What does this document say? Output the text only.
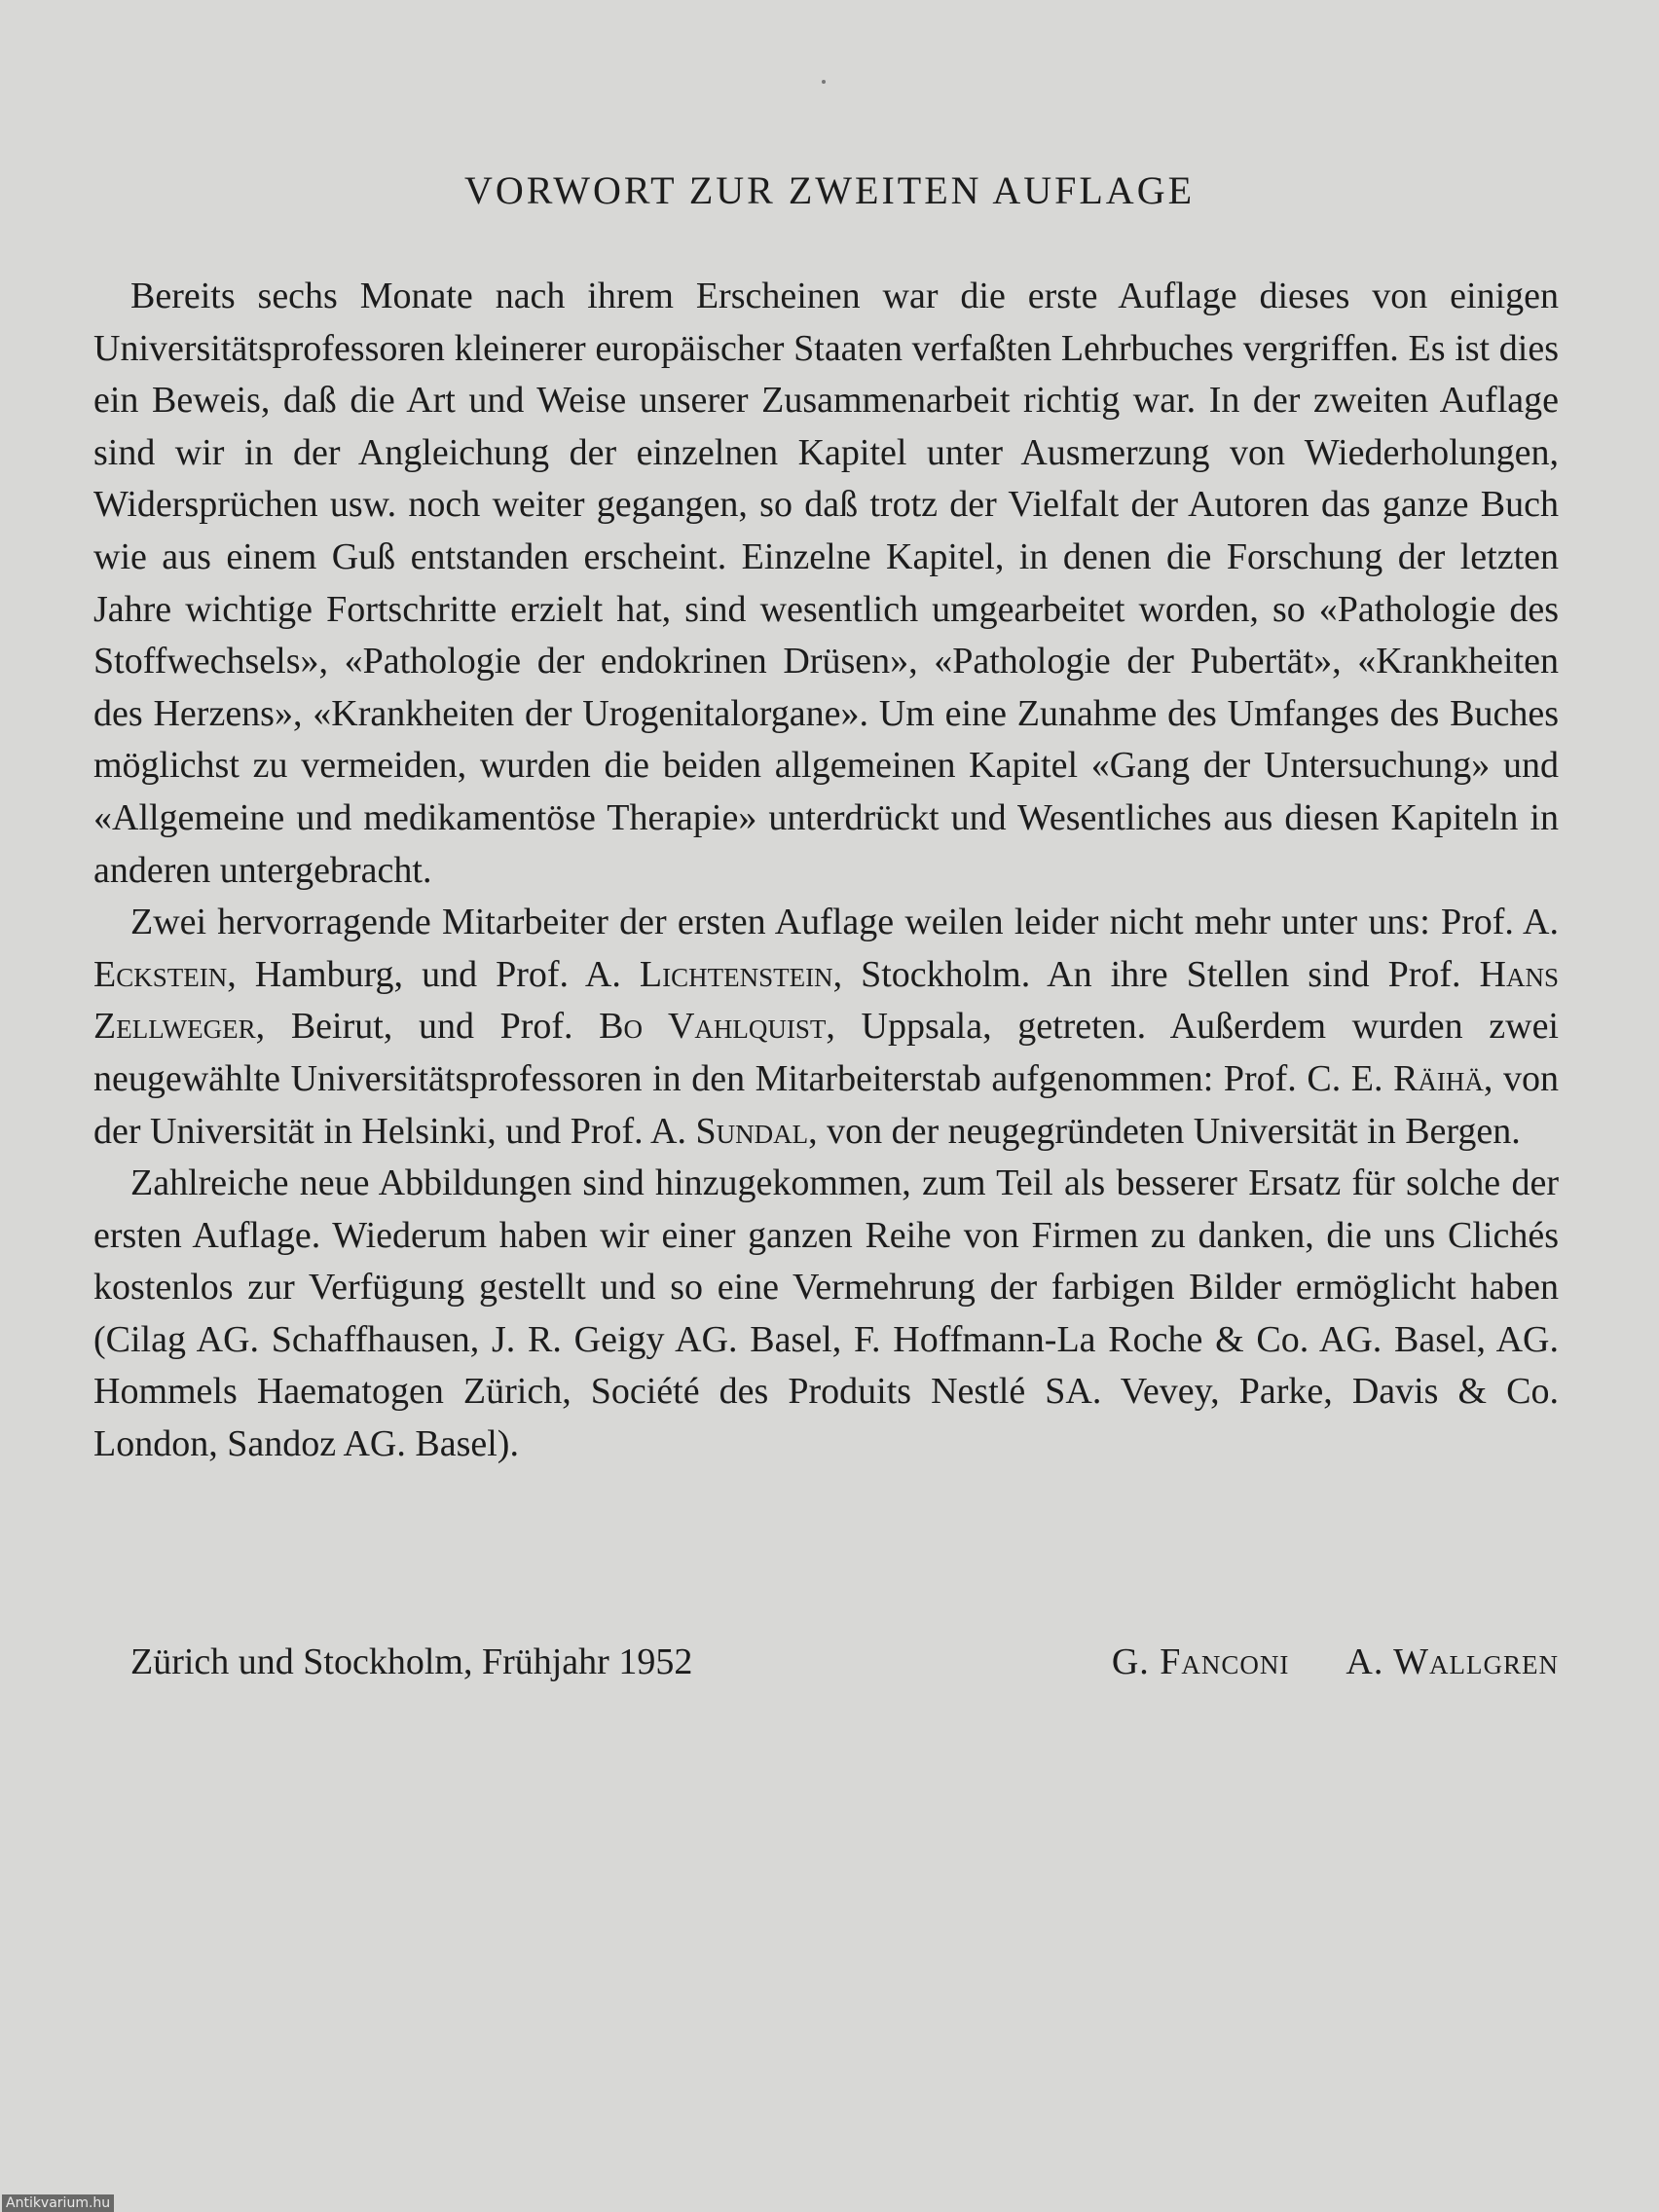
VORWORT ZUR ZWEITEN AUFLAGE

Bereits sechs Monate nach ihrem Erscheinen war die erste Auflage dieses von einigen Universitätsprofessoren kleinerer europäischer Staaten verfaßten Lehrbuches vergriffen. Es ist dies ein Beweis, daß die Art und Weise unserer Zusammenarbeit richtig war. In der zweiten Auflage sind wir in der Angleichung der einzelnen Kapitel unter Ausmerzung von Wiederholungen, Widersprüchen usw. noch weiter gegangen, so daß trotz der Vielfalt der Autoren das ganze Buch wie aus einem Guß entstanden erscheint. Einzelne Kapitel, in denen die Forschung der letzten Jahre wichtige Fortschritte erzielt hat, sind wesentlich umgearbeitet worden, so «Pathologie des Stoffwechsels», «Pathologie der endokrinen Drüsen», «Pathologie der Pubertät», «Krankheiten des Herzens», «Krankheiten der Urogenitalorgane». Um eine Zunahme des Umfanges des Buches möglichst zu vermeiden, wurden die beiden allgemeinen Kapitel «Gang der Untersuchung» und «Allgemeine und medikamentöse Therapie» unterdrückt und Wesentliches aus diesen Kapiteln in anderen untergebracht.

Zwei hervorragende Mitarbeiter der ersten Auflage weilen leider nicht mehr unter uns: Prof. A. Eckstein, Hamburg, und Prof. A. Lichtenstein, Stockholm. An ihre Stellen sind Prof. Hans Zellweger, Beirut, und Prof. Bo Vahlquist, Uppsala, getreten. Außerdem wurden zwei neugewählte Universitätsprofessoren in den Mitarbeiterstab aufgenommen: Prof. C. E. Räihä, von der Universität in Helsinki, und Prof. A. Sundal, von der neugegründeten Universität in Bergen.

Zahlreiche neue Abbildungen sind hinzugekommen, zum Teil als besserer Ersatz für solche der ersten Auflage. Wiederum haben wir einer ganzen Reihe von Firmen zu danken, die uns Clichés kostenlos zur Verfügung gestellt und so eine Vermehrung der farbigen Bilder ermöglicht haben (Cilag AG. Schaffhausen, J. R. Geigy AG. Basel, F. Hoffmann-La Roche & Co. AG. Basel, AG. Hommels Haematogen Zürich, Société des Produits Nestlé SA. Vevey, Parke, Davis & Co. London, Sandoz AG. Basel).

Zürich und Stockholm, Frühjahr 1952	G. Fanconi A. Wallgren
Antikvarium.hu
